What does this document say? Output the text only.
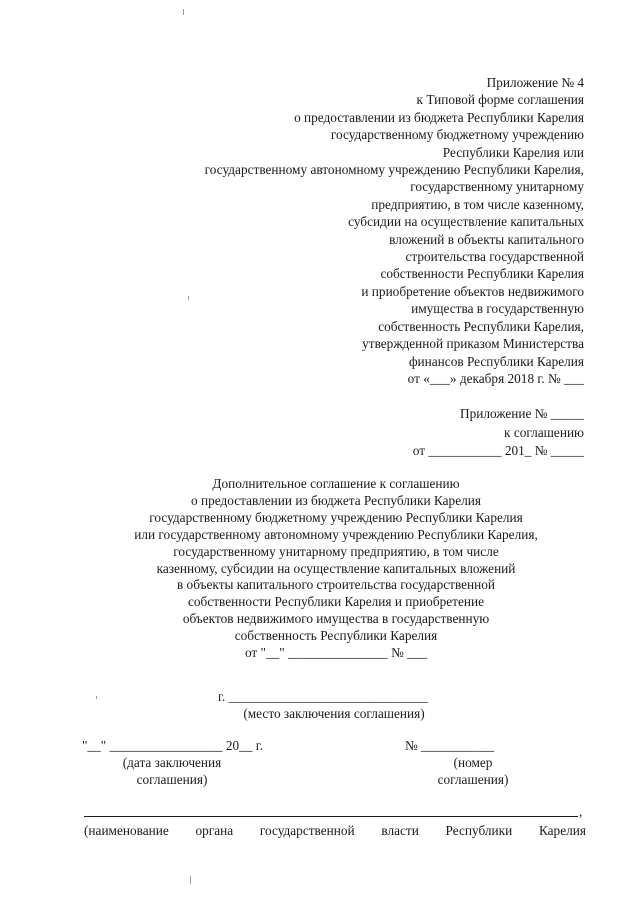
Приложение № 4
к Типовой форме соглашения
о предоставлении из бюджета Республики Карелия
государственному бюджетному учреждению
Республики Карелия или
государственному автономному учреждению Республики Карелия,
государственному унитарному
предприятию, в том числе казенному,
субсидии на осуществление капитальных
вложений в объекты капитального
строительства государственной
собственности Республики Карелия
и приобретение объектов недвижимого
имущества в государственную
собственность Республики Карелия,
утвержденной приказом Министерства
финансов Республики Карелия
от «___» декабря 2018 г. № ___
Приложение № _____
к соглашению
от ___________ 201_ № _____
Дополнительное соглашение к соглашению
о предоставлении из бюджета Республики Карелия
государственному бюджетному учреждению Республики Карелия
или государственному автономному учреждению Республики Карелия,
государственному унитарному предприятию, в том числе
казенному, субсидии на осуществление капитальных вложений
в объекты капитального строительства государственной
собственности Республики Карелия и приобретение
объектов недвижимого имущества в государственную
собственность Республики Карелия
от "__" _______________ № ___
г. ______________________________
(место заключения соглашения)
"__" _________________ 20__ г.
(дата заключения
соглашения)
№ ___________
(номер
соглашения)
,
(наименование органа государственной власти Республики Карелия
